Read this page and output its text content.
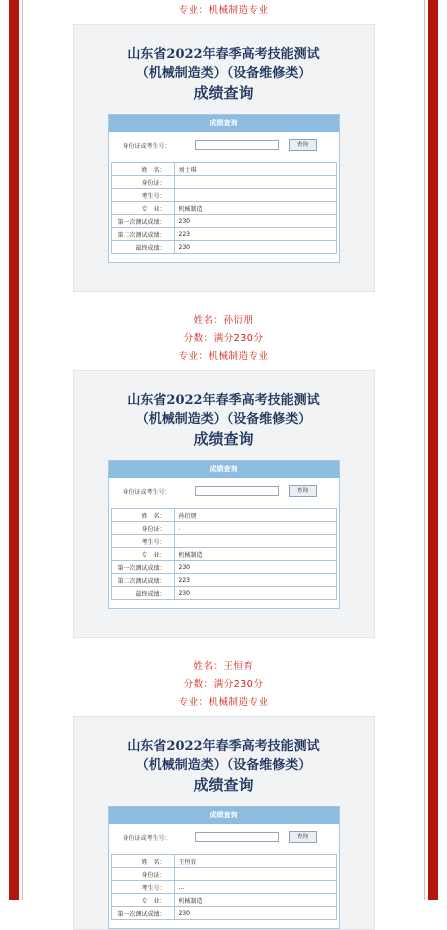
专业：机械制造专业
山东省2022年春季高考技能测试
（机械制造类）（设备维修类）
成绩查询
成绩查询
身份证或考生号：	查询
姓　名：	刘士琪
身份证：	
考生号：	
专　业：	机械制造
第一次测试成绩：	230
第二次测试成绩：	223
最终成绩：	230
姓名：孙衍朋
分数：满分230分
专业：机械制造专业
山东省2022年春季高考技能测试
（机械制造类）（设备维修类）
成绩查询
成绩查询
身份证或考生号：	查询
姓　名：	孙衍朋
身份证：	.
考生号：	
专　业：	机械制造
第一次测试成绩：	230
第二次测试成绩：	223
最终成绩：	230
姓名：王恒育
分数：满分230分
专业：机械制造专业
山东省2022年春季高考技能测试
（机械制造类）（设备维修类）
成绩查询
成绩查询
身份证或考生号：	查询
姓　名：	王恒育
身份证：	
考生号：	...
专　业：	机械制造
第一次测试成绩：	230
